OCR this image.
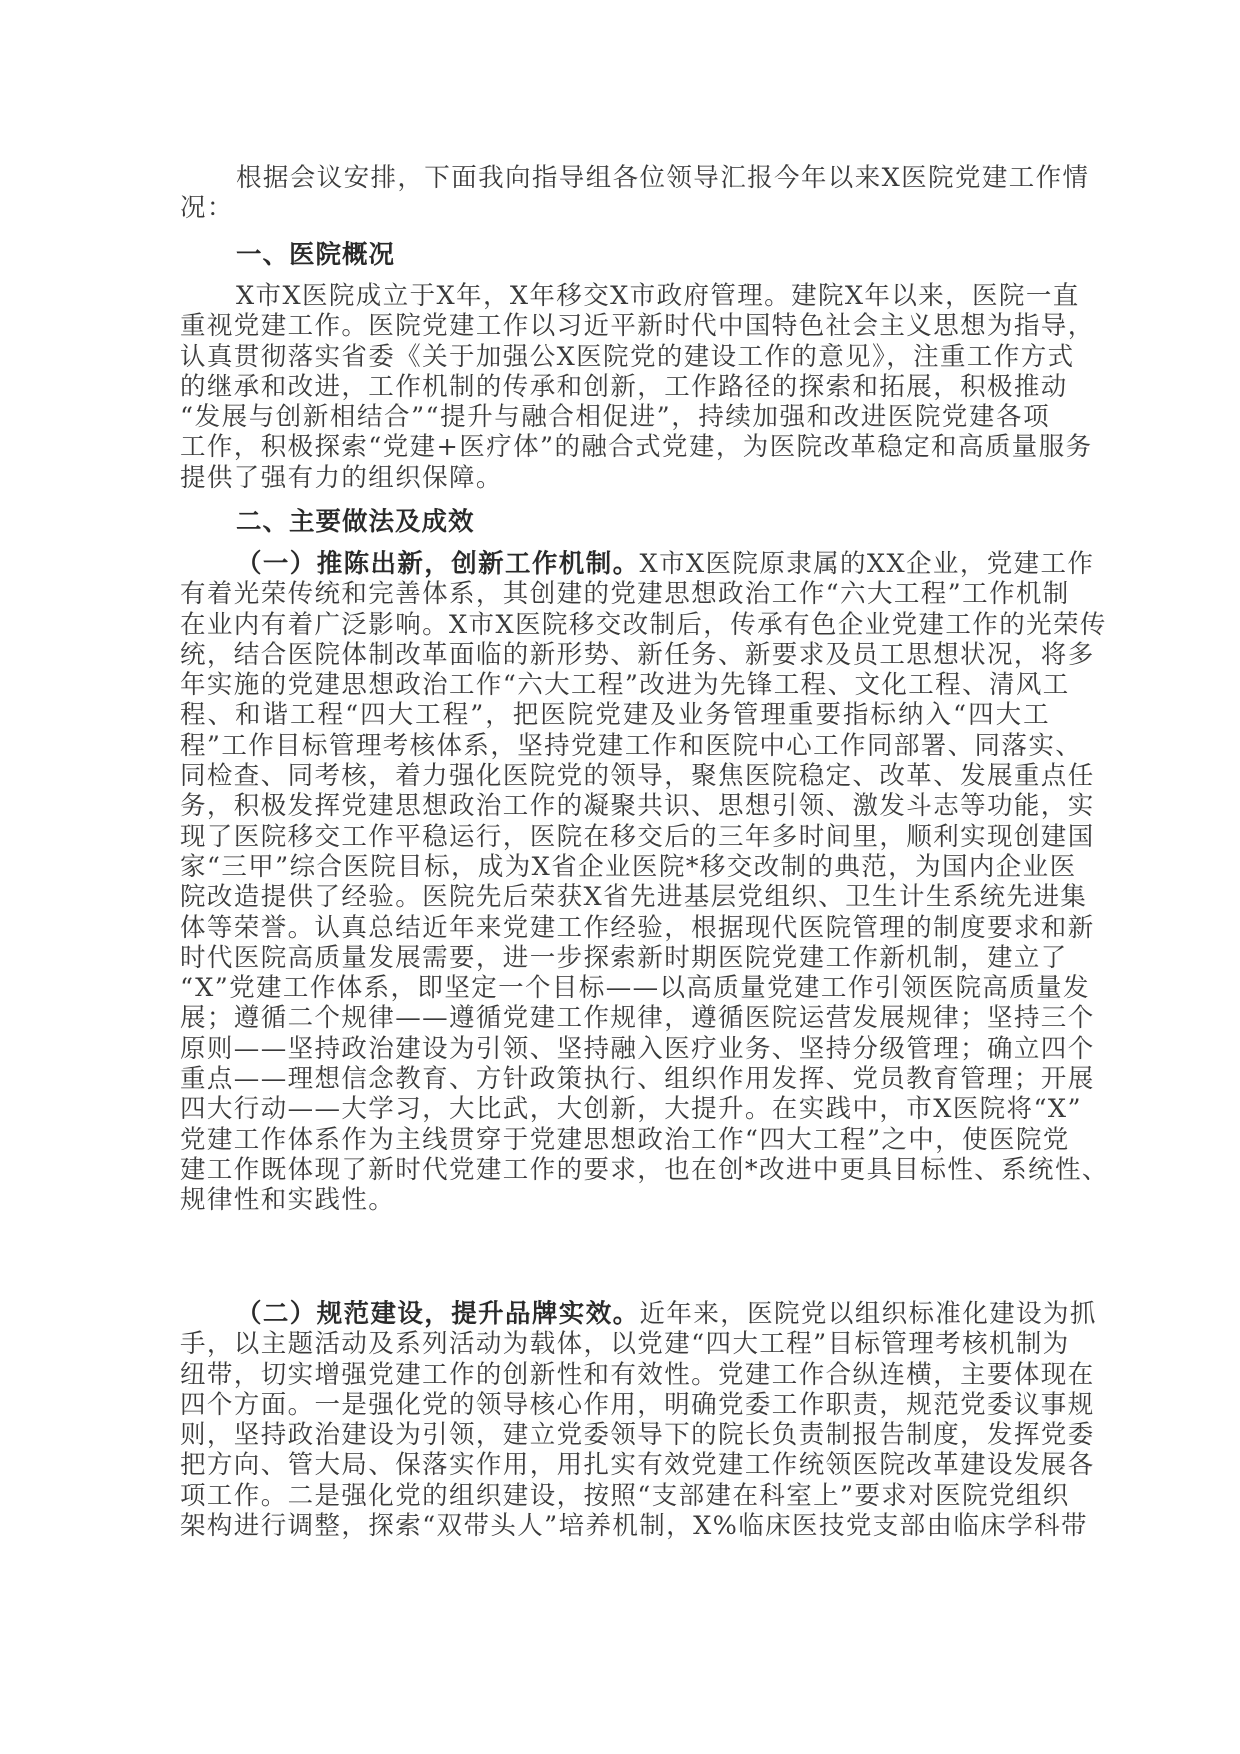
根据会议安排，下面我向指导组各位领导汇报今年以来X医院党建工作情
况：
一、医院概况
X市X医院成立于X年，X年移交X市政府管理。建院X年以来，医院一直
重视党建工作。医院党建工作以习近平新时代中国特色社会主义思想为指导，
认真贯彻落实省委《关于加强公X医院党的建设工作的意见》，注重工作方式
的继承和改进，工作机制的传承和创新，工作路径的探索和拓展，积极推动
“发展与创新相结合”“提升与融合相促进”，持续加强和改进医院党建各项
工作，积极探索“党建+医疗体”的融合式党建，为医院改革稳定和高质量服务
提供了强有力的组织保障。
二、主要做法及成效
（一）推陈出新，创新工作机制。X市X医院原隶属的XX企业，党建工作
有着光荣传统和完善体系，其创建的党建思想政治工作“六大工程”工作机制
在业内有着广泛影响。X市X医院移交改制后，传承有色企业党建工作的光荣传
统，结合医院体制改革面临的新形势、新任务、新要求及员工思想状况，将多
年实施的党建思想政治工作“六大工程”改进为先锋工程、文化工程、清风工
程、和谐工程“四大工程”，把医院党建及业务管理重要指标纳入“四大工
程”工作目标管理考核体系，坚持党建工作和医院中心工作同部署、同落实、
同检查、同考核，着力强化医院党的领导，聚焦医院稳定、改革、发展重点任
务，积极发挥党建思想政治工作的凝聚共识、思想引领、激发斗志等功能，实
现了医院移交工作平稳运行，医院在移交后的三年多时间里，顺利实现创建国
家“三甲”综合医院目标，成为X省企业医院*移交改制的典范，为国内企业医
院改造提供了经验。医院先后荣获X省先进基层党组织、卫生计生系统先进集
体等荣誉。认真总结近年来党建工作经验，根据现代医院管理的制度要求和新
时代医院高质量发展需要，进一步探索新时期医院党建工作新机制，建立了
“X”党建工作体系，即坚定一个目标——以高质量党建工作引领医院高质量发
展；遵循二个规律——遵循党建工作规律，遵循医院运营发展规律；坚持三个
原则——坚持政治建设为引领、坚持融入医疗业务、坚持分级管理；确立四个
重点——理想信念教育、方针政策执行、组织作用发挥、党员教育管理；开展
四大行动——大学习，大比武，大创新，大提升。在实践中，市X医院将“X”
党建工作体系作为主线贯穿于党建思想政治工作“四大工程”之中，使医院党
建工作既体现了新时代党建工作的要求，也在创*改进中更具目标性、系统性、
规律性和实践性。
（二）规范建设，提升品牌实效。近年来，医院党以组织标准化建设为抓
手，以主题活动及系列活动为载体，以党建“四大工程”目标管理考核机制为
纽带，切实增强党建工作的创新性和有效性。党建工作合纵连横，主要体现在
四个方面。一是强化党的领导核心作用，明确党委工作职责，规范党委议事规
则，坚持政治建设为引领，建立党委领导下的院长负责制报告制度，发挥党委
把方向、管大局、保落实作用，用扎实有效党建工作统领医院改革建设发展各
项工作。二是强化党的组织建设，按照“支部建在科室上”要求对医院党组织
架构进行调整，探索“双带头人”培养机制，X%临床医技党支部由临床学科带
